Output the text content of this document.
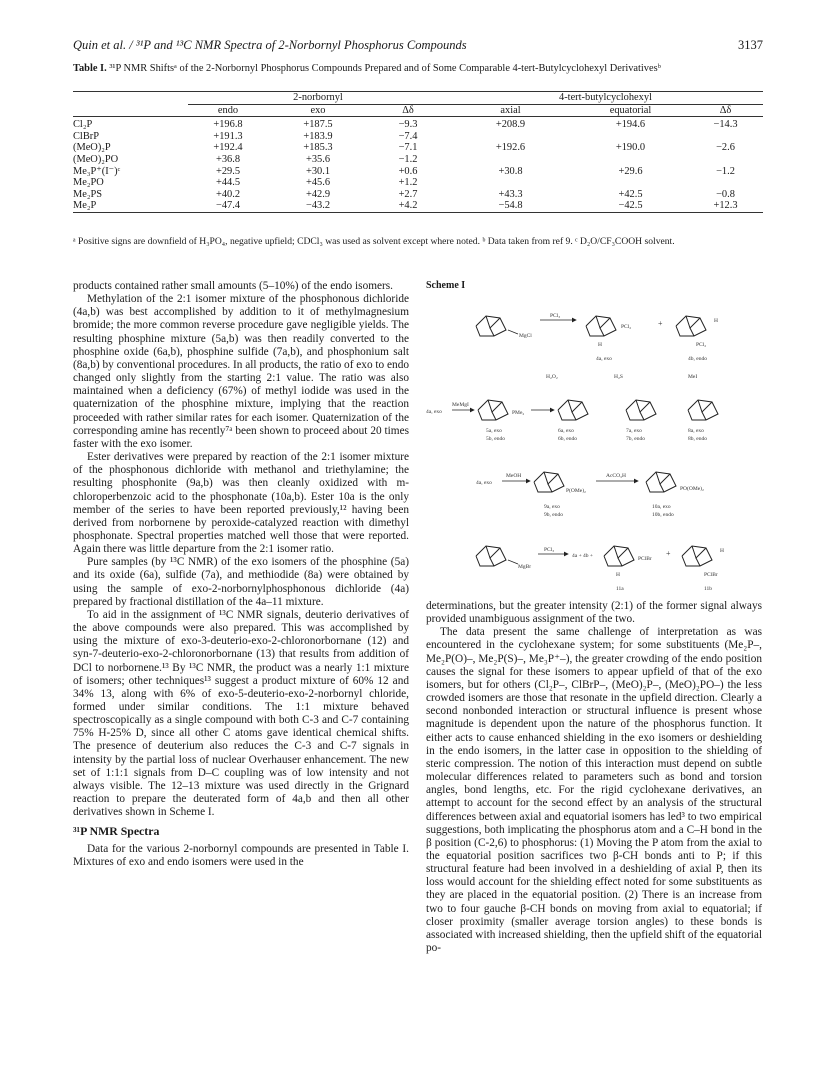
Quin et al. / ³¹P and ¹³C NMR Spectra of 2-Norbornyl Phosphorus Compounds	3137
Table I. ³¹P NMR Shiftsᵃ of the 2-Norbornyl Phosphorus Compounds Prepared and of Some Comparable 4-tert-Butylcyclohexyl Derivativesᵇ
	2-norbornyl			4-tert-butylcyclohexyl		
	endo	exo	Δδ	axial	equatorial	Δδ
Cl₂P	+196.8	+187.5	−9.3	+208.9	+194.6	−14.3
ClBrP	+191.3	+183.9	−7.4			
(MeO)₂P	+192.4	+185.3	−7.1	+192.6	+190.0	−2.6
(MeO)₂PO	+36.8	+35.6	−1.2			
Me₃P⁺(I⁻)ᶜ	+29.5	+30.1	+0.6	+30.8	+29.6	−1.2
Me₂PO	+44.5	+45.6	+1.2			
Me₂PS	+40.2	+42.9	+2.7	+43.3	+42.5	−0.8
Me₂P	−47.4	−43.2	+4.2	−54.8	−42.5	+12.3
ᵃ Positive signs are downfield of H₃PO₄, negative upfield; CDCl₃ was used as solvent except where noted. ᵇ Data taken from ref 9. ᶜ D₂O/CF₃COOH solvent.

products contained rather small amounts (5–10%) of the endo isomers.

Methylation of the 2:1 isomer mixture of the phosphonous dichloride (4a,b) was best accomplished by addition to it of methylmagnesium bromide; the more common reverse procedure gave negligible yields. The resulting phosphine mixture (5a,b) was then readily converted to the phosphine oxide (6a,b), phosphine sulfide (7a,b), and phosphonium salt (8a,b) by conventional procedures. In all products, the ratio of exo to endo changed only slightly from the starting 2:1 value. The ratio was also maintained when a deficiency (67%) of methyl iodide was used in the quaternization of the phosphine mixture, implying that the reaction proceeded with rather similar rates for each isomer. Quaternization of the corresponding amine has recently⁷ᵃ been shown to proceed about 20 times faster with the exo isomer.

Ester derivatives were prepared by reaction of the 2:1 isomer mixture of the phosphonous dichloride with methanol and triethylamine; the resulting phosphonite (9a,b) was then cleanly oxidized with m-chloroperbenzoic acid to the phosphonate (10a,b). Ester 10a is the only member of the series to have been reported previously,¹² having been derived from norbornene by peroxide-catalyzed reaction with dimethyl phosphonate. Spectral properties matched well those that were reported. Again there was little departure from the 2:1 isomer ratio.

Pure samples (by ¹³C NMR) of the exo isomers of the phosphine (5a) and its oxide (6a), sulfide (7a), and methiodide (8a) were obtained by using the sample of exo-2-norbornylphosphonous dichloride (4a) prepared by fractional distillation of the 4a–11 mixture.

To aid in the assignment of ¹³C NMR signals, deuterio derivatives of the above compounds were also prepared. This was accomplished by using the mixture of exo-3-deuterio-exo-2-chloronorbornane (12) and syn-7-deuterio-exo-2-chloronorbornane (13) that results from addition of DCl to norbornene.¹³ By ¹³C NMR, the product was a nearly 1:1 mixture of isomers; other techniques¹³ suggest a product mixture of 60% 12 and 34% 13, along with 6% of exo-5-deuterio-exo-2-norbornyl chloride, formed under similar conditions. The 1:1 mixture behaved spectroscopically as a single compound with both C-3 and C-7 containing 75% H-25% D, since all other C atoms gave identical chemical shifts. The presence of deuterium also reduces the C-3 and C-7 signals in intensity by the partial loss of nuclear Overhauser enhancement. The new set of 1:1:1 signals from D–C coupling was of low intensity and not always visible. The 12–13 mixture was used directly in the Grignard reaction to prepare the deuterated form of 4a,b and then all other derivatives shown in Scheme I.

³¹P NMR Spectra

Data for the various 2-norbornyl compounds are presented in Table I. Mixtures of exo and endo isomers were used in the

Scheme I
MgCl
PCl₃
PCl₂
H
+	H
PCl₂
4a, exo	4b, endo
H₂O₂	H₂S	MeI
4a, exo
MeMgI
PMe₂
5a, exo
5b, endo
6a, exo
6b, endo
7a, exo
7b, endo
8a, exo
8b, endo
4a, exo
MeOH
P(OMe)₂
AcCO₃H
PO(OMe)₂
9a, exo
9b, endo
10a, exo
10b, endo
MgBr
PCl₃
4a + 4b +	PClBr
H
+	H
PClBr
11a	11b

determinations, but the greater intensity (2:1) of the former signal always provided unambiguous assignment of the two.

The data present the same challenge of interpretation as was encountered in the cyclohexane system; for some substituents (Me₂P–, Me₂P(O)–, Me₂P(S)–, Me₃P⁺–), the greater crowding of the endo position causes the signal for these isomers to appear upfield of that of the exo isomers, but for others (Cl₂P–, ClBrP–, (MeO)₂P–, (MeO)₂PO–) the less crowded isomers are those that resonate in the upfield direction. Clearly a second nonbonded interaction or structural influence is present whose magnitude is dependent upon the nature of the phosphorus function. It either acts to cause enhanced shielding in the exo isomers or deshielding in the endo isomers, in the latter case in opposition to the shielding of steric compression. The notion of this interaction must depend on subtle molecular differences related to parameters such as bond and torsion angles, bond lengths, etc. For the rigid cyclohexane derivatives, an attempt to account for the second effect by an analysis of the structural differences between axial and equatorial isomers has led³ to two empirical suggestions, both implicating the phosphorus atom and a C–H bond in the β position (C-2,6) to phosphorus: (1) Moving the P atom from the axial to the equatorial position sacrifices two β-CH bonds anti to P; if this structural feature had been involved in a deshielding of axial P, then its loss would account for the shielding effect noted for some substituents as they are placed in the equatorial position. (2) There is an increase from two to four gauche β-CH bonds on moving from axial to equatorial; if closer proximity (smaller average torsion angles) to these bonds is associated with increased shielding, then the upfield shift of the equatorial po-
